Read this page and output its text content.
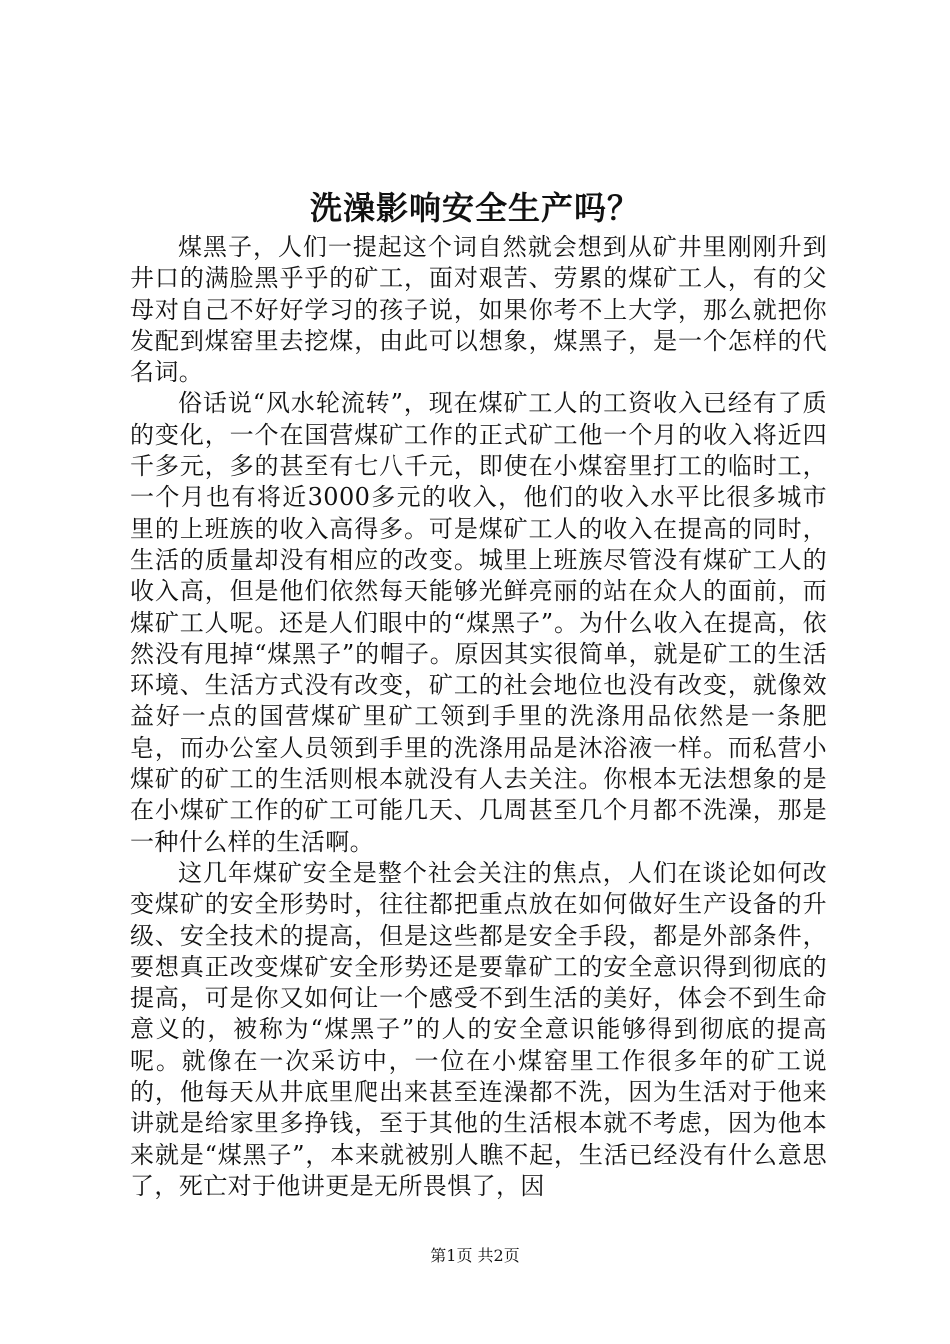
洗澡影响安全生产吗？

煤黑子，人们一提起这个词自然就会想到从矿井里刚刚升到井口的满脸黑乎乎的矿工，面对艰苦、劳累的煤矿工人，有的父母对自己不好好学习的孩子说，如果你考不上大学，那么就把你发配到煤窑里去挖煤，由此可以想象，煤黑子，是一个怎样的代名词。

俗话说“风水轮流转”，现在煤矿工人的工资收入已经有了质的变化，一个在国营煤矿工作的正式矿工他一个月的收入将近四千多元，多的甚至有七八千元，即使在小煤窑里打工的临时工，一个月也有将近3000多元的收入，他们的收入水平比很多城市里的上班族的收入高得多。可是煤矿工人的收入在提高的同时，生活的质量却没有相应的改变。城里上班族尽管没有煤矿工人的收入高，但是他们依然每天能够光鲜亮丽的站在众人的面前，而煤矿工人呢。还是人们眼中的“煤黑子”。为什么收入在提高，依然没有甩掉“煤黑子”的帽子。原因其实很简单，就是矿工的生活环境、生活方式没有改变，矿工的社会地位也没有改变，就像效益好一点的国营煤矿里矿工领到手里的洗涤用品依然是一条肥皂，而办公室人员领到手里的洗涤用品是沐浴液一样。而私营小煤矿的矿工的生活则根本就没有人去关注。你根本无法想象的是在小煤矿工作的矿工可能几天、几周甚至几个月都不洗澡，那是一种什么样的生活啊。

这几年煤矿安全是整个社会关注的焦点，人们在谈论如何改变煤矿的安全形势时，往往都把重点放在如何做好生产设备的升级、安全技术的提高，但是这些都是安全手段，都是外部条件，要想真正改变煤矿安全形势还是要靠矿工的安全意识得到彻底的提高，可是你又如何让一个感受不到生活的美好，体会不到生命意义的，被称为“煤黑子”的人的安全意识能够得到彻底的提高呢。就像在一次采访中，一位在小煤窑里工作很多年的矿工说的，他每天从井底里爬出来甚至连澡都不洗，因为生活对于他来讲就是给家里多挣钱，至于其他的生活根本就不考虑，因为他本来就是“煤黑子”，本来就被别人瞧不起，生活已经没有什么意思了，死亡对于他讲更是无所畏惧了，因

第1页 共2页
